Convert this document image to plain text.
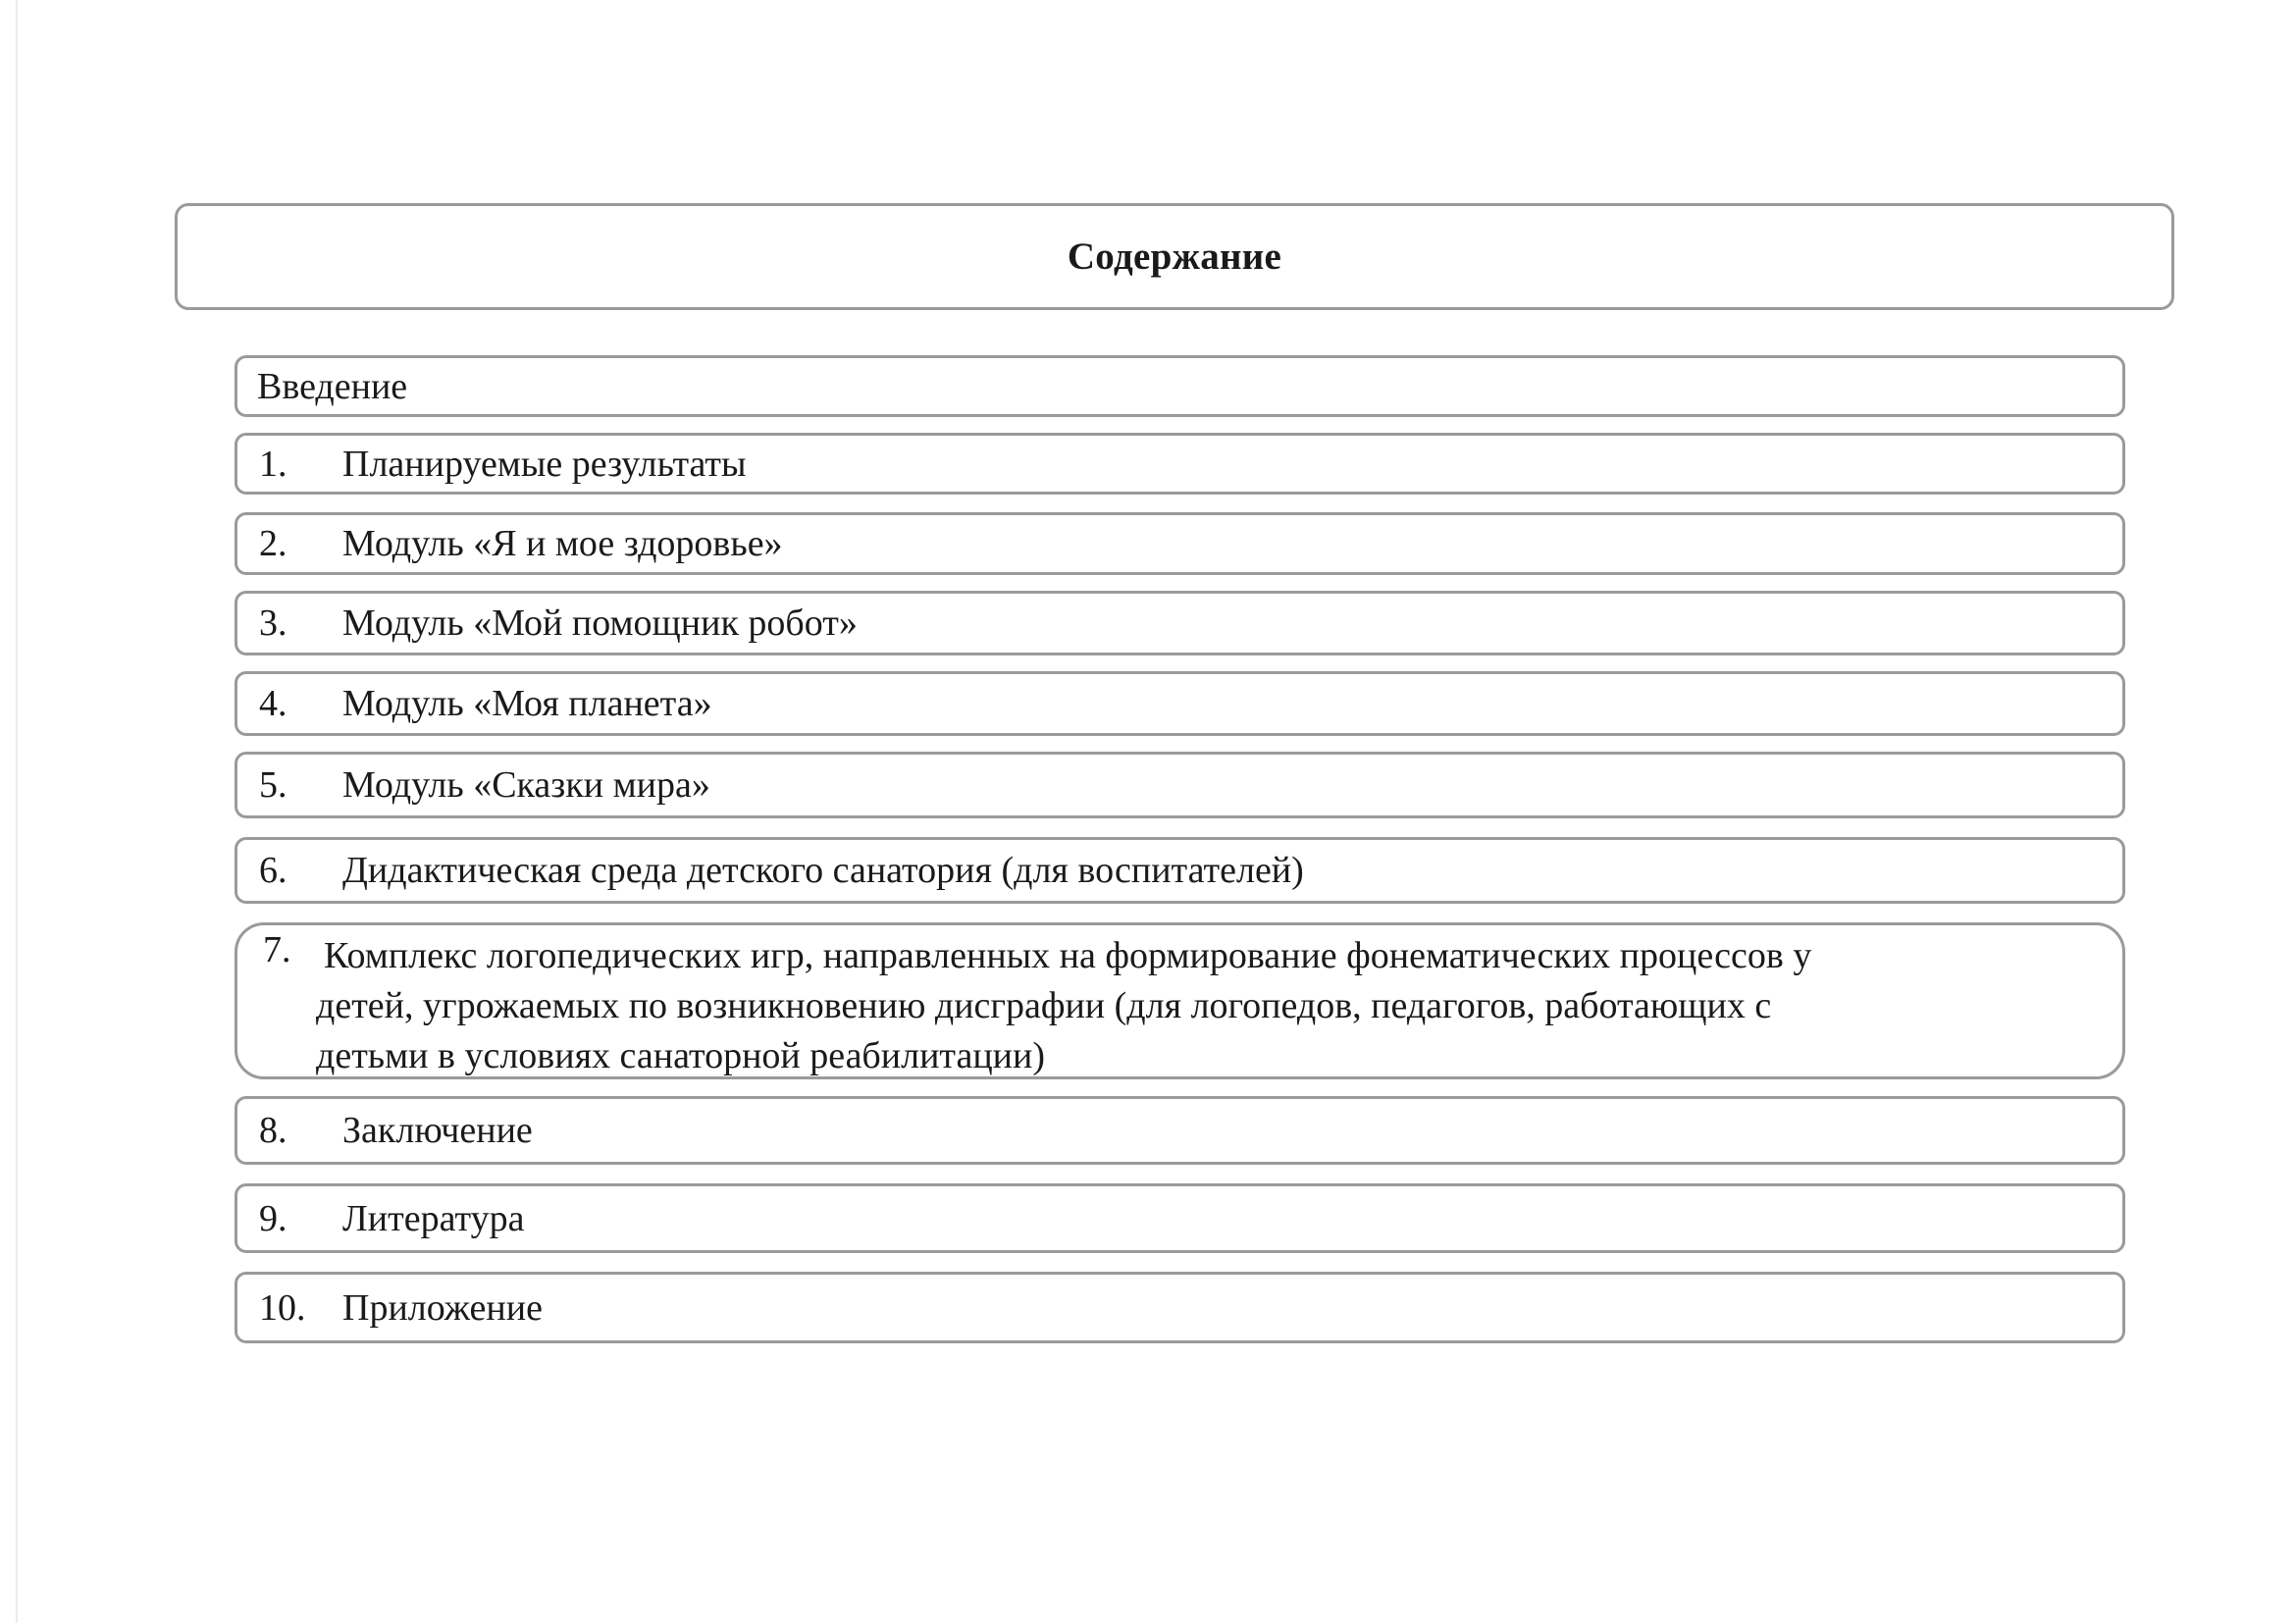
Содержание
Введение
1.	Планируемые результаты
2.	Модуль «Я и мое здоровье»
3.	Модуль «Мой помощник робот»
4.	Модуль «Моя планета»
5.	Модуль «Сказки мира»
6.	Дидактическая среда детского санатория (для воспитателей)
7. Комплекс логопедических игр, направленных на формирование фонематических процессов у
детей, угрожаемых по возникновению дисграфии (для логопедов, педагогов, работающих с
детьми в условиях санаторной реабилитации)
8.	Заключение
9.	Литература
10. Приложение
